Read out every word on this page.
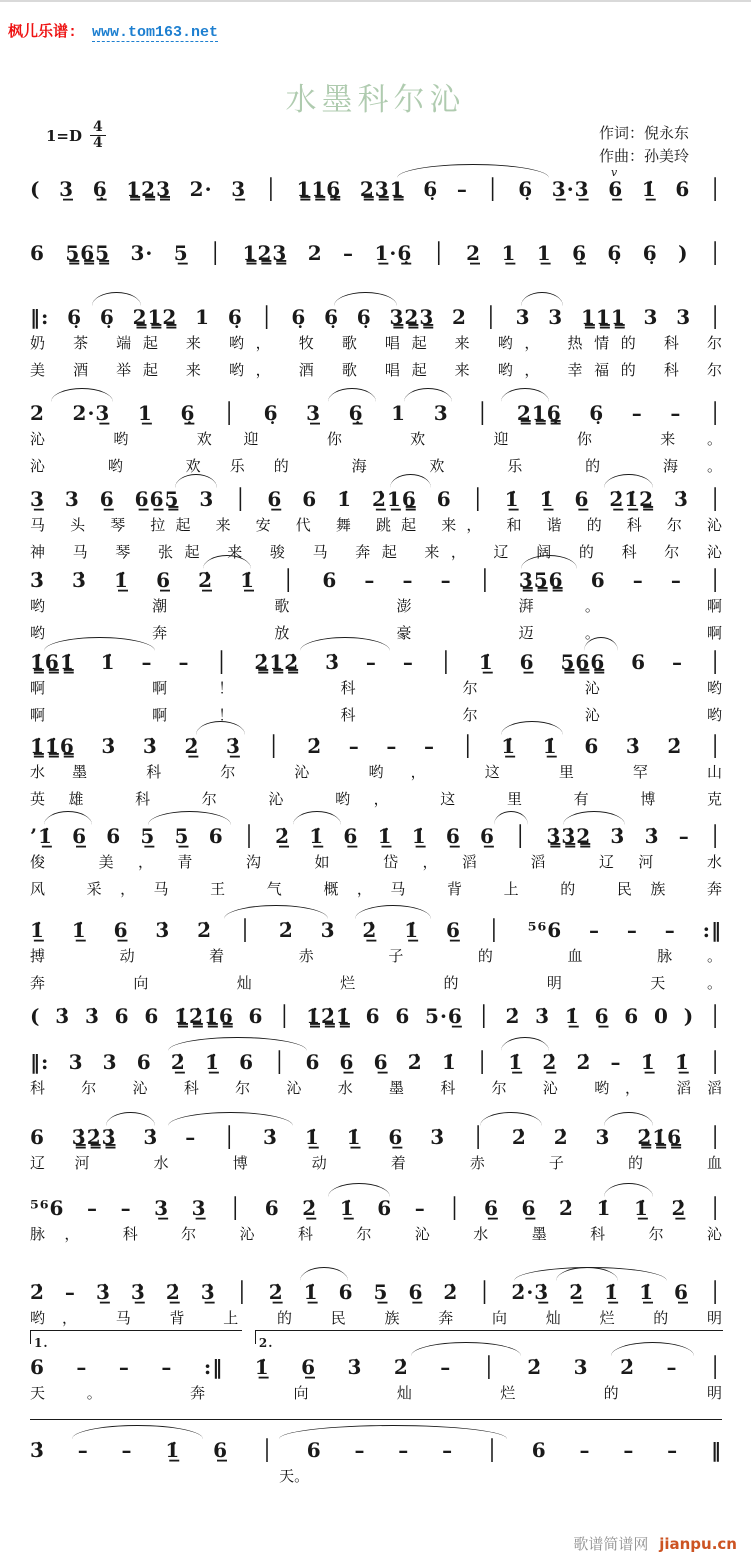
枫儿乐谱: www.tom163.net
水墨科尔沁
$1=D \frac{4}{4}$	作词：倪永东
作曲：孙美玲
v
( 3̲ 6̣̲ 1̳2̳3̳ 2· 3̲ │ 1̳1̳6̣̳ 2̳3̳1̳ 6̣ – │ 6̣ 3̲·3̲ 6̲ 1̲̇ 6 │
6 5̳6̳5̳ 3· 5̲ │ 1̳2̳3̳ 2 – 1̲·6̣̲ │ 2̲ 1̲ 1̲ 6̣̲ 6̣ 6̣ ) │
‖: 6̣ 6̣ 2̳1̳2̳ 1 6̣ │ 6̣ 6̣ 6̣ 3̳2̳3̳ 2 │ 3 3 1̳1̳1̳ 3 3 │
奶 茶 端起 来 哟， 牧 歌 唱起 来 哟， 热情的 科 尔
美 酒 举起 来 哟， 酒 歌 唱起 来 哟， 幸福的 科 尔
2 2·3̲ 1̲ 6̣̲ │ 6̣ 3̲ 6̣̲ 1 3 │ 2̳1̳6̣̳ 6̣ – – │
沁 哟 欢迎 你 欢 迎 你 来。
沁 哟 欢乐的 海 欢 乐 的 海。
3̲ 3 6̲ 6̲6̲5̳ 3 │ 6̲ 6 1̇ 2̲̇1̲6̳ 6 │ 1̲̇ 1̲̇ 6̲ 2̲̇1̲̇2̳ 3̇ │
马 头 琴 拉起 来 安 代 舞 跳起 来， 和 谐 的 科 尔 沁
神 马 琴 张起 来 骏 马 奔起 来， 辽 阔 的 科 尔 沁
3̇ 3̇ 1̲̇ 6̲ 2̲̇ 1̲̇ │ 6 – – – │ 3̳5̳6̳ 6 – – │
哟 潮 歌 澎 湃。 啊
哟 奔 放 豪 迈。 啊
1̳̇6̳1̳̇ 1̇ – – │ 2̳̇1̳2̳̇ 3̇ – – │ 1̲̇ 6̲ 5̳6̳6̳ 6 – │
啊 啊！ 科 尔 沁 哟
啊 啊！ 科 尔 沁 哟
1̳̇1̳̇6̳ 3̇ 3̇ 2̲̇ 3̲̇ │ 2̇ – – – │ 1̲̇ 1̲̇ 6 3̇ 2̇ │
水墨 科 尔 沁 哟， 这 里 罕 山
英雄 科 尔 沁 哟， 这 里 有 博 克
’1̲̇ 6̲ 6 5̲ 5̲ 6 │ 2̲̇ 1̲̇ 6̲ 1̲̇ 1̲̇ 6̲ 6̲ │ 3̳̇3̳̇2̳ 3̇ 3̇ – │
俊 美，青 沟 如 岱，滔 滔 辽河 水
风 采，马 王 气 概，马 背 上 的 民族 奔
1̲̇ 1̲̇ 6̲ 3̇ 2̇ │ 2̇ 3 2̲̇ 1̲̇ 6̲ │ ⁵⁶6 – – – :‖
搏 动 着 赤 子 的 血 脉。
奔 向 灿 烂 的 明 天。
( 3̇ 3̇ 6 6 1̳̇2̳̇1̳̇6̳ 6 │ 1̳̇2̳̇1̳̇ 6 6 5·6̲ │ 2̇ 3̇ 1̲̇ 6̲ 6 0 ) │
‖: 3 3 6 2̲̇ 1̲̇ 6 │ 6 6̲ 6̲ 2̇ 1̇ │ 1̲̇ 2̲̇ 2̇ – 1̲̇ 1̲̇ │
科 尔 沁 科 尔 沁 水 墨 科 尔 沁 哟， 滔滔
6 3̳̇2̳̇3̳̇ 3̇ – │ 3̇ 1̲̇ 1̲̇ 6̲ 3̇ │ 2̇ 2̇ 3 2̳̇1̳̇6̳ │
辽河 水 博 动 着 赤 子 的 血
⁵⁶6 – – 3̲ 3̲ │ 6 2̲̇ 1̲̇ 6 – │ 6̲ 6̲ 2̇ 1̇ 1̲̇ 2̲̇ │
脉， 科 尔 沁 科 尔 沁 水 墨 科 尔 沁
2̇ – 3̲̇ 3̲̇ 2̲̇ 3̲̇ │ 2̲̇ 1̲̇ 6 5̲ 6̲ 2̇ │ 2̇·3̲̇ 2̲̇ 1̲̇ 1̲̇ 6̲ │
哟， 马 背 上 的 民 族 奔 向 灿 烂 的 明
6 – – – :‖ 1̲̇ 6̲ 3̇ 2̇ – │ 2̇ 3 2̇ – │
1.	2.
天。 奔 向 灿 烂 的 明
3̇ – – 1̲̇ 6̲ │ 6 – – – │ 6 – – – ‖
天。
歌谱简谱网 jianpu.cn
